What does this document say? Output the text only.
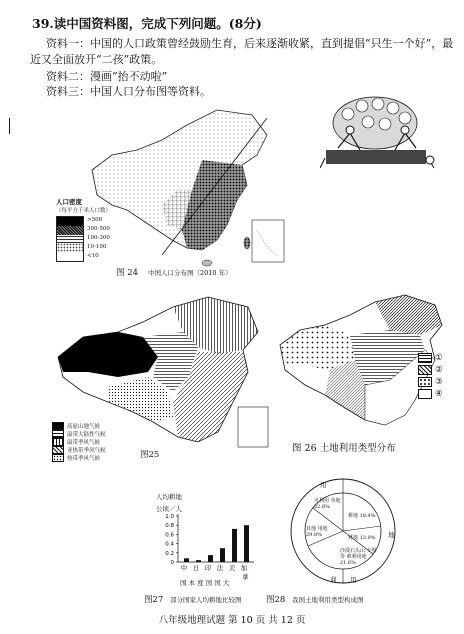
39.读中国资料图，完成下列问题。(8分)
资料一：中国的人口政策曾经鼓励生育，后来逐渐收紧，直到提倡“只生一个好”，最
近又全面放开“二孩”政策。
资料二：漫画“抬不动啦”
资料三：中国人口分布图等资料。
人口密度
（每平方千米人口数）
>500
300-500
100-300
10-100
<10
图 24 中国人口分布图（2010 年）
高原山地气候
温带大陆性气候
温带季风气候
亚热带季风气候
热带季风气候	图25
①
②
③
④
图 26 土地利用类型分布
人均耕地
公顷／人
1.0
0.8
0.6
0.4
0.2
0
中 日 印 法 美 加
拿
国 本 度 国 国 大
图27 部分国家人均耕地比较图
用
地
利 用
耕地 18.4%
林地 13.9%
其他 用地 29.8%
沙漠石头山 戈壁等 难利用地 21.6%
可利用 草地 32.6%
图28 我国土地利用类型构成图
八年级地理试题 第 10 页 共 12 页
